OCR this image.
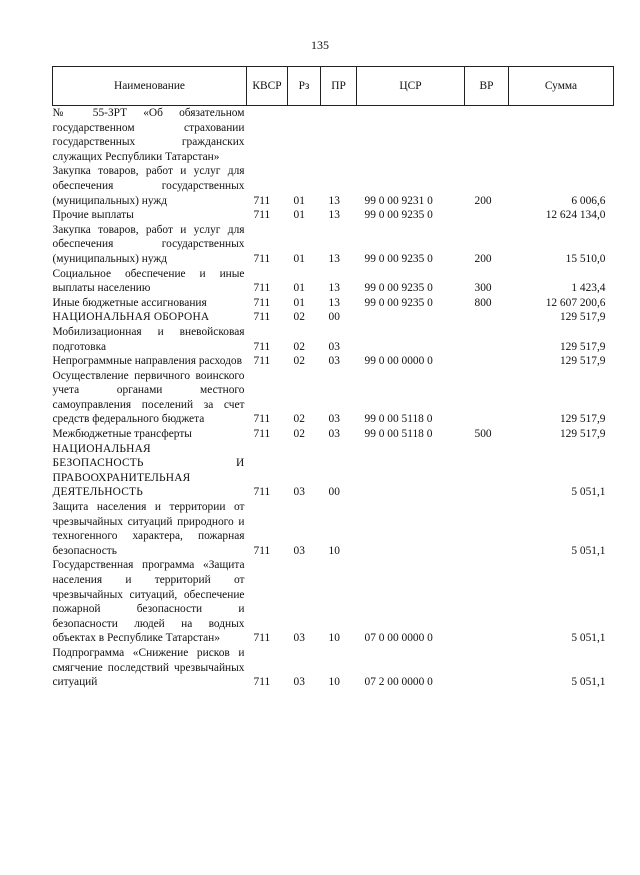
135
Наименование	КВСР	Рз	ПР	ЦСР	ВР	Сумма
№ 55-ЗРТ «Об обязательном государственном страховании государственных гражданских служащих Республики Татарстан»						
Закупка товаров, работ и услуг для обеспечения государственных (муниципальных) нужд	711	01	13	99 0 00 9231 0	200	6 006,6
Прочие выплаты	711	01	13	99 0 00 9235 0		12 624 134,0
Закупка товаров, работ и услуг для обеспечения государственных (муниципальных) нужд	711	01	13	99 0 00 9235 0	200	15 510,0
Социальное обеспечение и иные выплаты населению	711	01	13	99 0 00 9235 0	300	1 423,4
Иные бюджетные ассигнования	711	01	13	99 0 00 9235 0	800	12 607 200,6
НАЦИОНАЛЬНАЯ ОБОРОНА	711	02	00			129 517,9
Мобилизационная и вневойсковая подготовка	711	02	03			129 517,9
Непрограммные направления расходов	711	02	03	99 0 00 0000 0		129 517,9
Осуществление первичного воинского учета органами местного самоуправления поселений за счет средств федерального бюджета	711	02	03	99 0 00 5118 0		129 517,9
Межбюджетные трансферты	711	02	03	99 0 00 5118 0	500	129 517,9
НАЦИОНАЛЬНАЯ БЕЗОПАСНОСТЬ И ПРАВООХРАНИТЕЛЬНАЯ ДЕЯТЕЛЬНОСТЬ	711	03	00			5 051,1
Защита населения и территории от чрезвычайных ситуаций природного и техногенного характера, пожарная безопасность	711	03	10			5 051,1
Государственная программа «Защита населения и территорий от чрезвычайных ситуаций, обеспечение пожарной безопасности и безопасности людей на водных объектах в Республике Татарстан»	711	03	10	07 0 00 0000 0		5 051,1
Подпрограмма «Снижение рисков и смягчение последствий чрезвычайных ситуаций	711	03	10	07 2 00 0000 0		5 051,1
